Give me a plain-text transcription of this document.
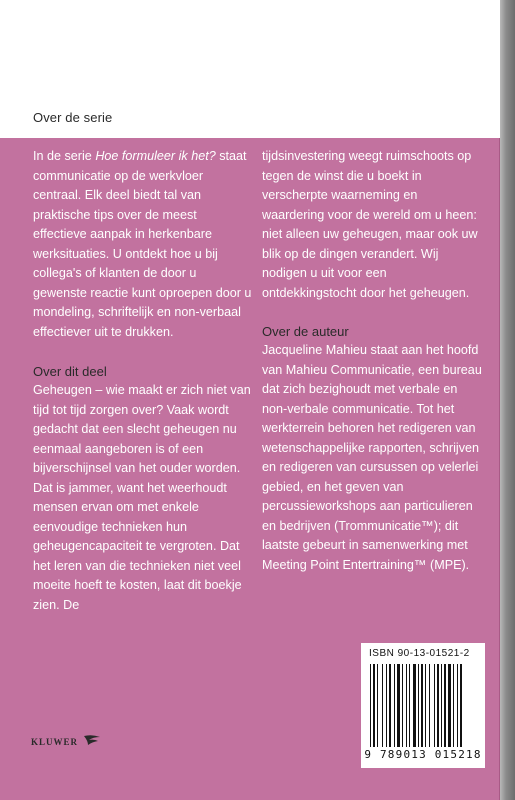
Over de serie

In de serie Hoe formuleer ik het? staat communicatie op de werkvloer centraal. Elk deel biedt tal van praktische tips over de meest effectieve aanpak in herkenbare werksituaties. U ontdekt hoe u bij collega's of klanten de door u gewenste reactie kunt oproepen door u mondeling, schriftelijk en non-verbaal effectiever uit te drukken.

Over dit deel

Geheugen – wie maakt er zich niet van tijd tot tijd zorgen over? Vaak wordt gedacht dat een slecht geheugen nu eenmaal aangeboren is of een bijverschijnsel van het ouder worden. Dat is jammer, want het weerhoudt mensen ervan om met enkele eenvoudige technieken hun geheugencapaciteit te vergroten. Dat het leren van die technieken niet veel moeite hoeft te kosten, laat dit boekje zien. De

tijdsinvestering weegt ruimschoots op tegen de winst die u boekt in verscherpte waarneming en waardering voor de wereld om u heen: niet alleen uw geheugen, maar ook uw blik op de dingen verandert. Wij nodigen u uit voor een ontdekkingstocht door het geheugen.

Over de auteur

Jacqueline Mahieu staat aan het hoofd van Mahieu Communicatie, een bureau dat zich bezighoudt met verbale en non-verbale communicatie. Tot het werkterrein behoren het redigeren van wetenschappelijke rapporten, schrijven en redigeren van cursussen op velerlei gebied, en het geven van percussieworkshops aan particulieren en bedrijven (Trommunicatie™); dit laatste gebeurt in samenwerking met Meeting Point Entertraining™ (MPE).

ISBN 90-13-01521-2
9 789013 015218
KLUWER
